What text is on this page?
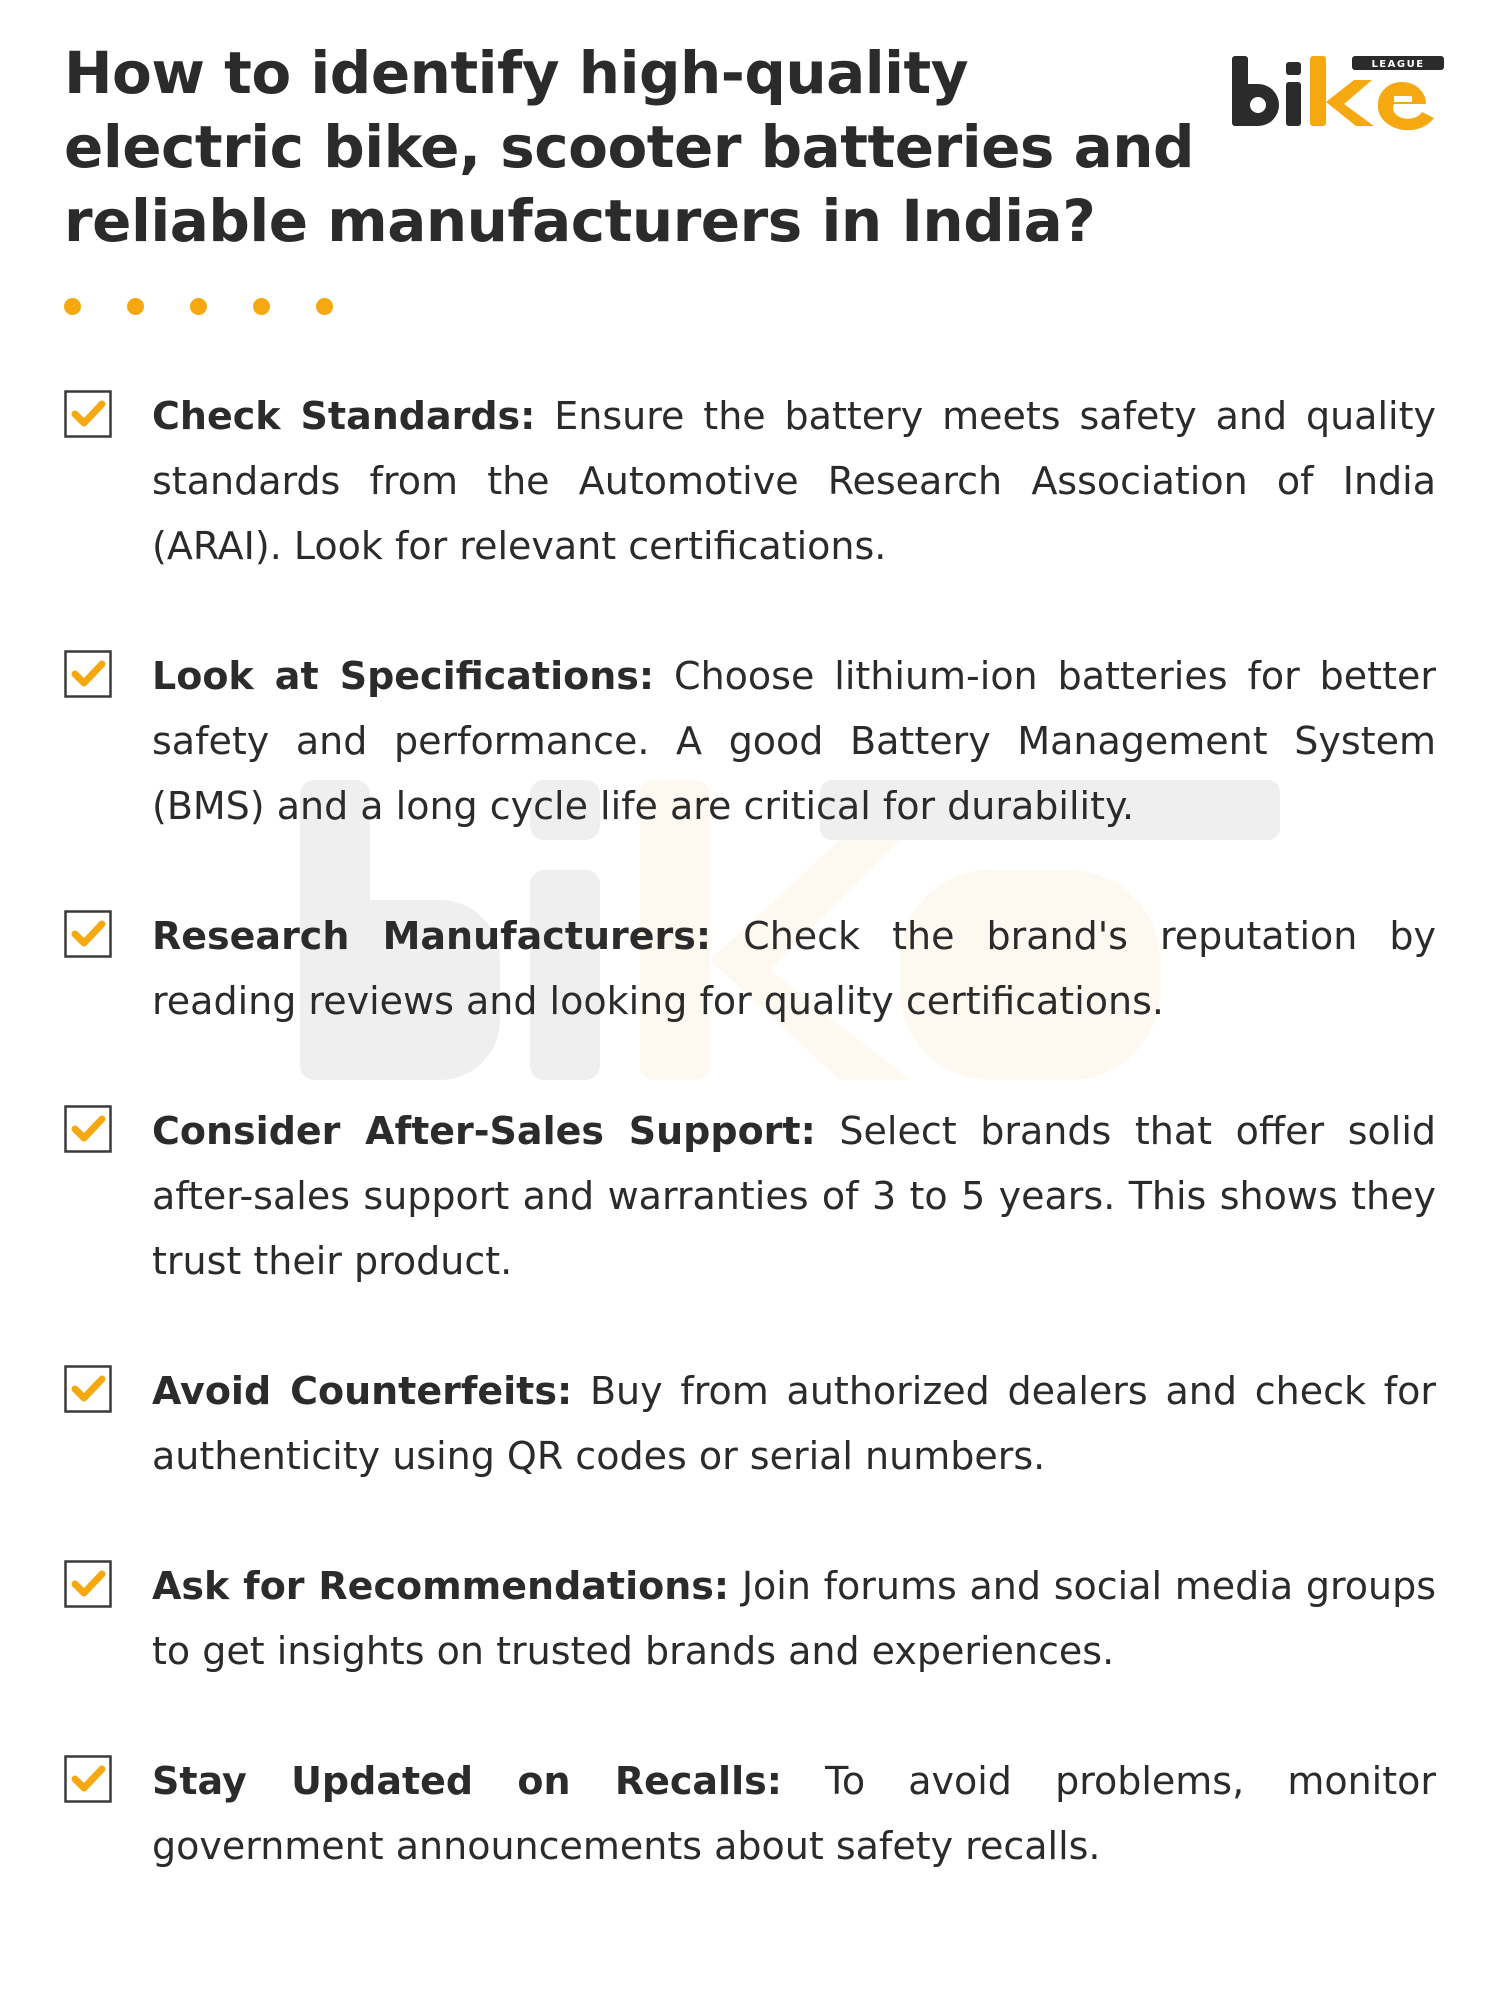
How to identify high-quality electric bike, scooter batteries and reliable manufacturers in India?
LEAGUE

Check Standards: Ensure the battery meets safety and quality standards from the Automotive Research Association of India (ARAI). Look for relevant certifications.

Look at Specifications: Choose lithium-ion batteries for better safety and performance. A good Battery Management System (BMS) and a long cycle life are critical for durability.

Research Manufacturers: Check the brand's reputation by reading reviews and looking for quality certifications.

Consider After-Sales Support: Select brands that offer solid after-sales support and warranties of 3 to 5 years. This shows they trust their product.

Avoid Counterfeits: Buy from authorized dealers and check for authenticity using QR codes or serial numbers.

Ask for Recommendations: Join forums and social media groups to get insights on trusted brands and experiences.

Stay Updated on Recalls: To avoid problems, monitor government announcements about safety recalls.
